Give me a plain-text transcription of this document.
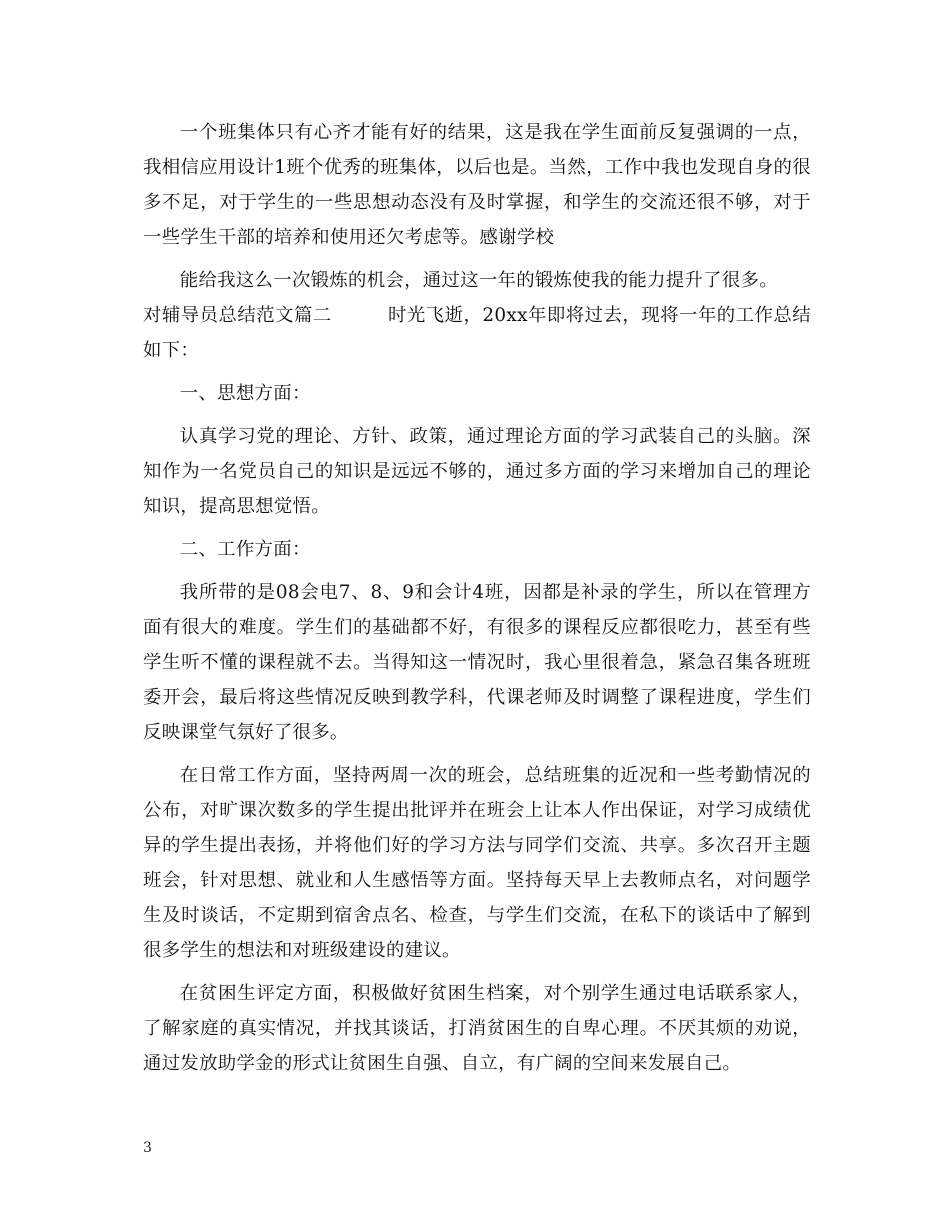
一个班集体只有心齐才能有好的结果，这是我在学生面前反复强调的一点，我相信应用设计1班个优秀的班集体，以后也是。当然，工作中我也发现自身的很多不足，对于学生的一些思想动态没有及时掌握，和学生的交流还很不够，对于一些学生干部的培养和使用还欠考虑等。感谢学校

能给我这么一次锻炼的机会，通过这一年的锻炼使我的能力提升了很多。

对辅导员总结范文篇二	时光飞逝，20xx年即将过去，现将一年的工作总结如下：

一、思想方面：

认真学习党的理论、方针、政策，通过理论方面的学习武装自己的头脑。深知作为一名党员自己的知识是远远不够的，通过多方面的学习来增加自己的理论知识，提高思想觉悟。

二、工作方面：

我所带的是08会电7、8、9和会计4班，因都是补录的学生，所以在管理方面有很大的难度。学生们的基础都不好，有很多的课程反应都很吃力，甚至有些学生听不懂的课程就不去。当得知这一情况时，我心里很着急，紧急召集各班班委开会，最后将这些情况反映到教学科，代课老师及时调整了课程进度，学生们反映课堂气氛好了很多。

在日常工作方面，坚持两周一次的班会，总结班集的近况和一些考勤情况的公布，对旷课次数多的学生提出批评并在班会上让本人作出保证，对学习成绩优异的学生提出表扬，并将他们好的学习方法与同学们交流、共享。多次召开主题班会，针对思想、就业和人生感悟等方面。坚持每天早上去教师点名，对问题学生及时谈话，不定期到宿舍点名、检查，与学生们交流，在私下的谈话中了解到很多学生的想法和对班级建设的建议。

在贫困生评定方面，积极做好贫困生档案，对个别学生通过电话联系家人，了解家庭的真实情况，并找其谈话，打消贫困生的自卑心理。不厌其烦的劝说，通过发放助学金的形式让贫困生自强、自立，有广阔的空间来发展自己。

3
